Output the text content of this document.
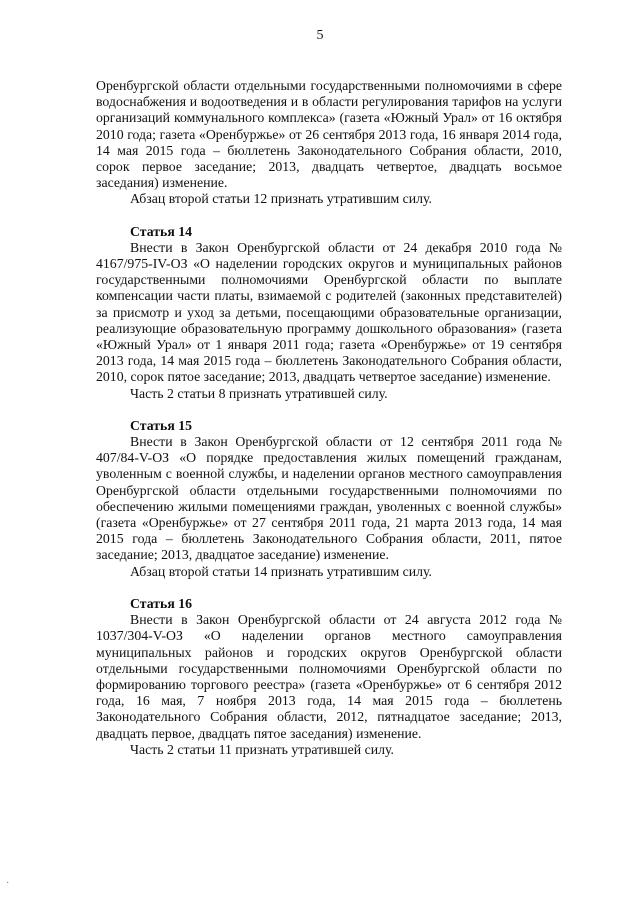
5

Оренбургской области отдельными государственными полномочиями в сфере водоснабжения и водоотведения и в области регулирования тарифов на услуги организаций коммунального комплекса» (газета «Южный Урал» от 16 октября 2010 года; газета «Оренбуржье» от 26 сентября 2013 года, 16 января 2014 года, 14 мая 2015 года – бюллетень Законодательного Собрания области, 2010, сорок первое заседание; 2013, двадцать четвертое, двадцать восьмое заседания) изменение.

Абзац второй статьи 12 признать утратившим силу.

Статья 14

Внести в Закон Оренбургской области от 24 декабря 2010 года № 4167/975-IV-ОЗ «О наделении городских округов и муниципальных районов государственными полномочиями Оренбургской области по выплате компенсации части платы, взимаемой с родителей (законных представителей) за присмотр и уход за детьми, посещающими образовательные организации, реализующие образовательную программу дошкольного образования» (газета «Южный Урал» от 1 января 2011 года; газета «Оренбуржье» от 19 сентября 2013 года, 14 мая 2015 года – бюллетень Законодательного Собрания области, 2010, сорок пятое заседание; 2013, двадцать четвертое заседание) изменение.

Часть 2 статьи 8 признать утратившей силу.

Статья 15

Внести в Закон Оренбургской области от 12 сентября 2011 года № 407/84-V-ОЗ «О порядке предоставления жилых помещений гражданам, уволенным с военной службы, и наделении органов местного самоуправления Оренбургской области отдельными государственными полномочиями по обеспечению жилыми помещениями граждан, уволенных с военной службы» (газета «Оренбуржье» от 27 сентября 2011 года, 21 марта 2013 года, 14 мая 2015 года – бюллетень Законодательного Собрания области, 2011, пятое заседание; 2013, двадцатое заседание) изменение.

Абзац второй статьи 14 признать утратившим силу.

Статья 16

Внести в Закон Оренбургской области от 24 августа 2012 года № 1037/304-V-ОЗ «О наделении органов местного самоуправления муниципальных районов и городских округов Оренбургской области отдельными государственными полномочиями Оренбургской области по формированию торгового реестра» (газета «Оренбуржье» от 6 сентября 2012 года, 16 мая, 7 ноября 2013 года, 14 мая 2015 года – бюллетень Законодательного Собрания области, 2012, пятнадцатое заседание; 2013, двадцать первое, двадцать пятое заседания) изменение.

Часть 2 статьи 11 признать утратившей силу.

·
